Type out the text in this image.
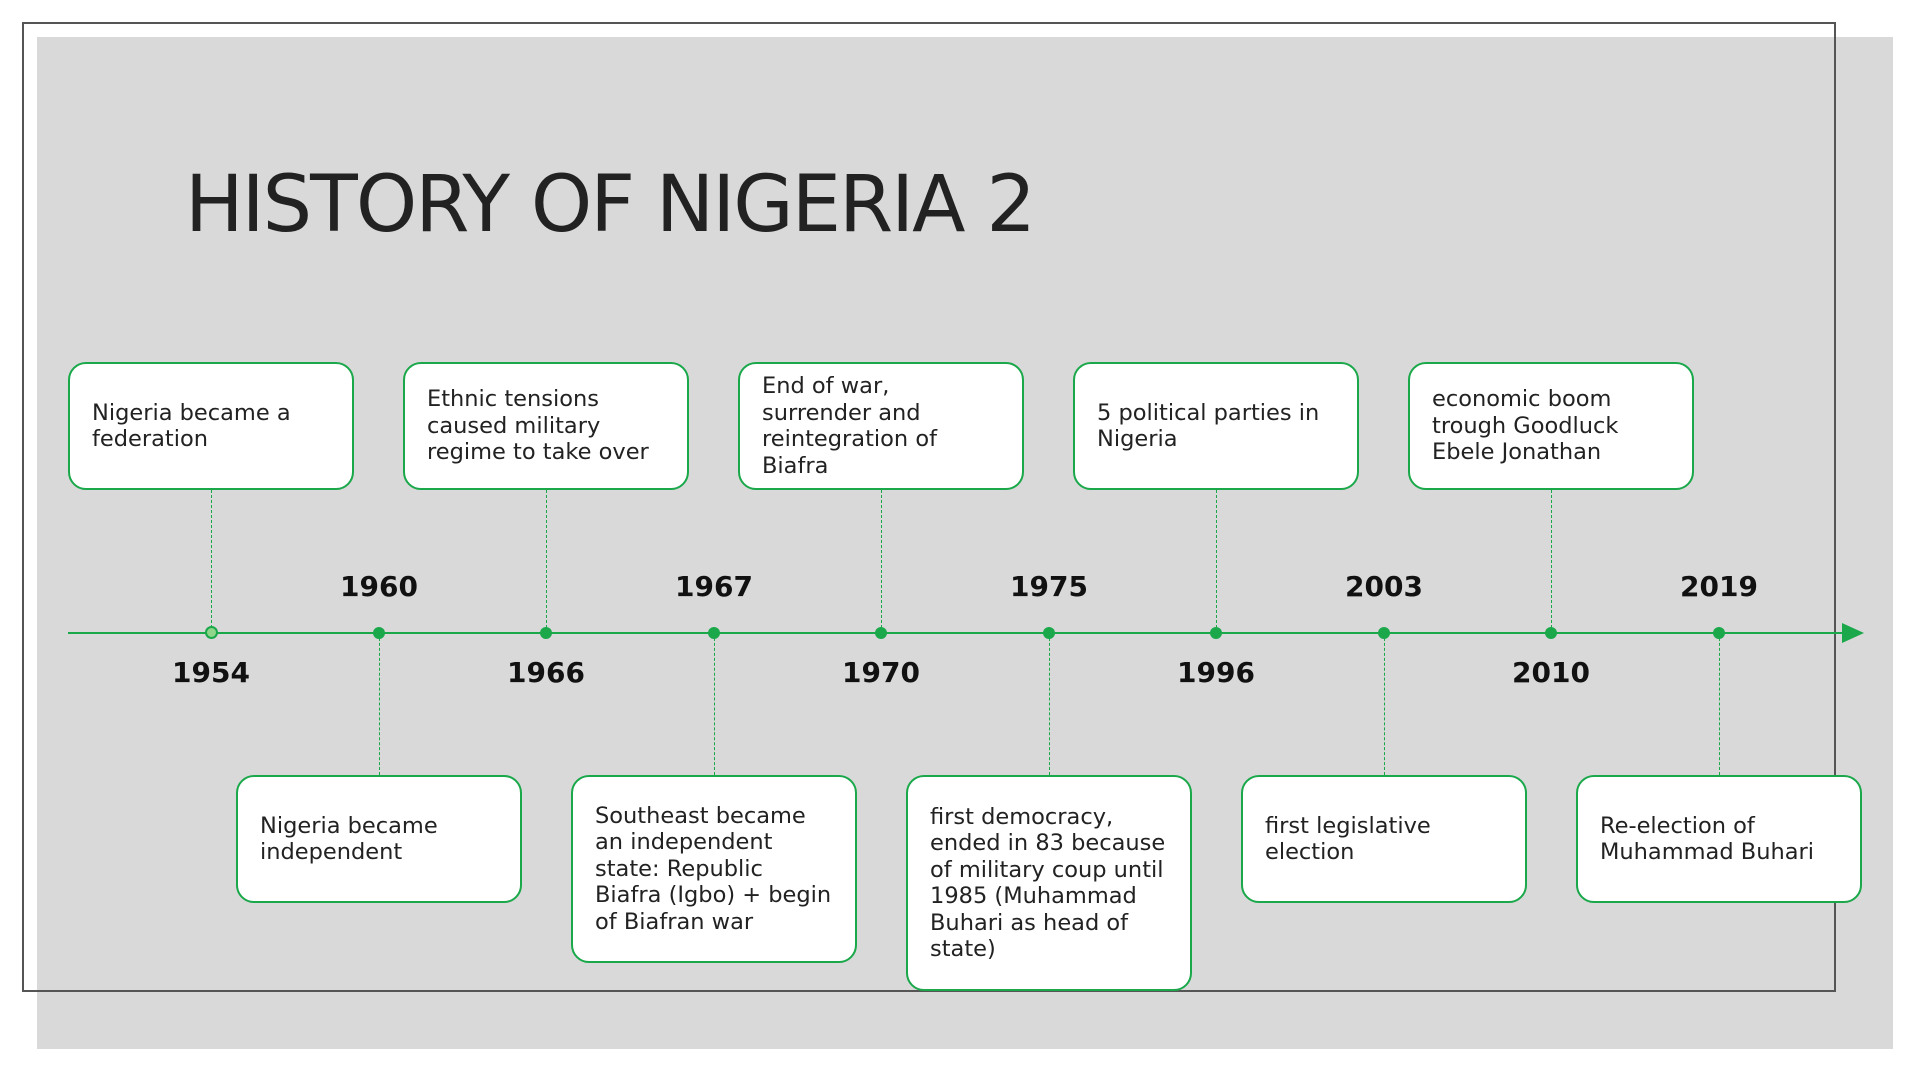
HISTORY OF NIGERIA 2
Nigeria became a federation
1954
Nigeria became independent
1960
Ethnic tensions caused military regime to take over
1966
Southeast became an independent state: Republic Biafra (Igbo) + begin of Biafran war
1967
End of war, surrender and reintegration of Biafra
1970
first democracy, ended in 83 because of military coup until 1985 (Muhammad Buhari as head of state)
1975
5 political parties in Nigeria
1996
first legislative election
2003
economic boom trough Goodluck Ebele Jonathan
2010
Re-election of Muhammad Buhari
2019
